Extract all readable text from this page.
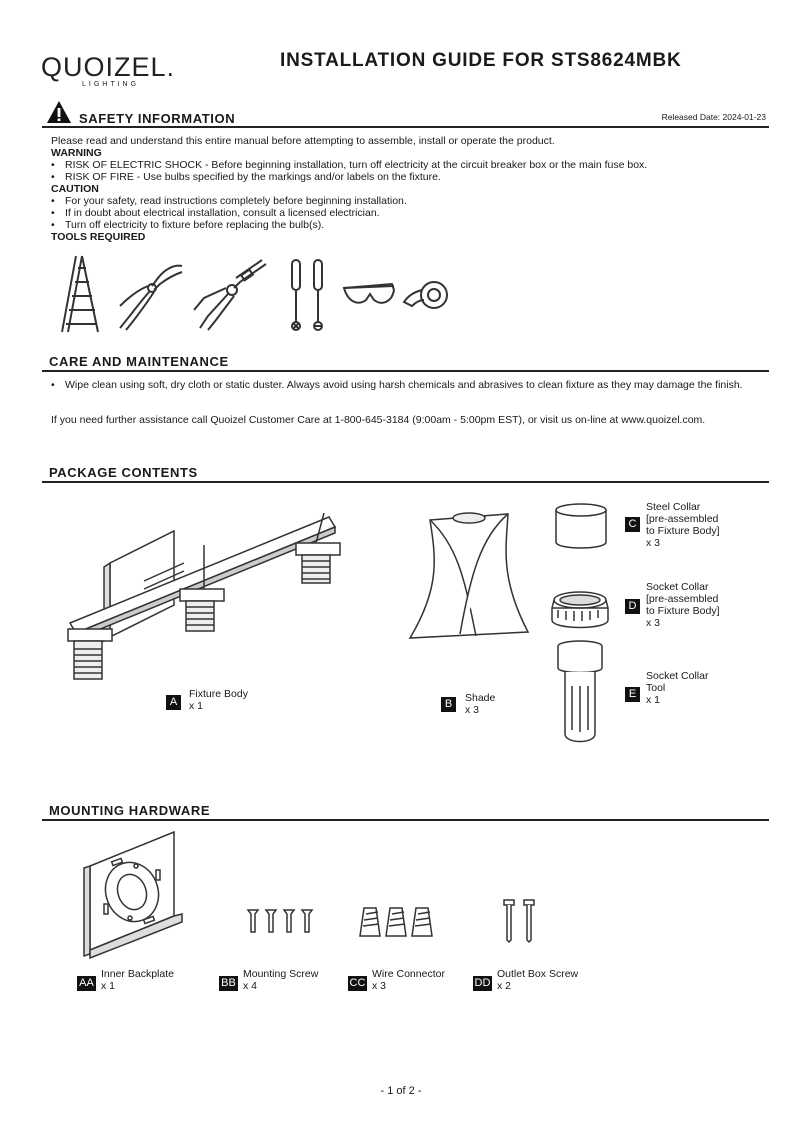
QUOIZEL.
LIGHTING
INSTALLATION GUIDE FOR STS8624MBK
SAFETY INFORMATION	Released Date: 2024-01-23
Please read and understand this entire manual before attempting to assemble, install or operate the product.
WARNING
• RISK OF ELECTRIC SHOCK - Before beginning installation, turn off electricity at the circuit breaker box or the main fuse box.
• RISK OF FIRE - Use bulbs specified by the markings and/or labels on the fixture.
CAUTION
• For your safety, read instructions completely before beginning installation.
• If in doubt about electrical installation, consult a licensed electrician.
• Turn off electricity to fixture before replacing the bulb(s).
TOOLS REQUIRED
CARE AND MAINTENANCE
• Wipe clean using soft, dry cloth or static duster. Always avoid using harsh chemicals and abrasives to clean fixture as they may damage the finish.
If you need further assistance call Quoizel Customer Care at 1-800-645-3184 (9:00am - 5:00pm EST), or visit us on-line at www.quoizel.com.
PACKAGE CONTENTS
A
Fixture Body
x 1	B	Shade
x 3
C
Steel Collar
[pre-assembled
to Fixture Body]
x 3
D
Socket Collar
[pre-assembled
to Fixture Body]
x 3
E
Socket Collar
Tool
x 1
MOUNTING HARDWARE
AA
Inner Backplate
x 1	BB
Mounting Screw
x 4	CC
Wire Connector
x 3	DD
Outlet Box Screw
x 2
- 1 of 2 -
